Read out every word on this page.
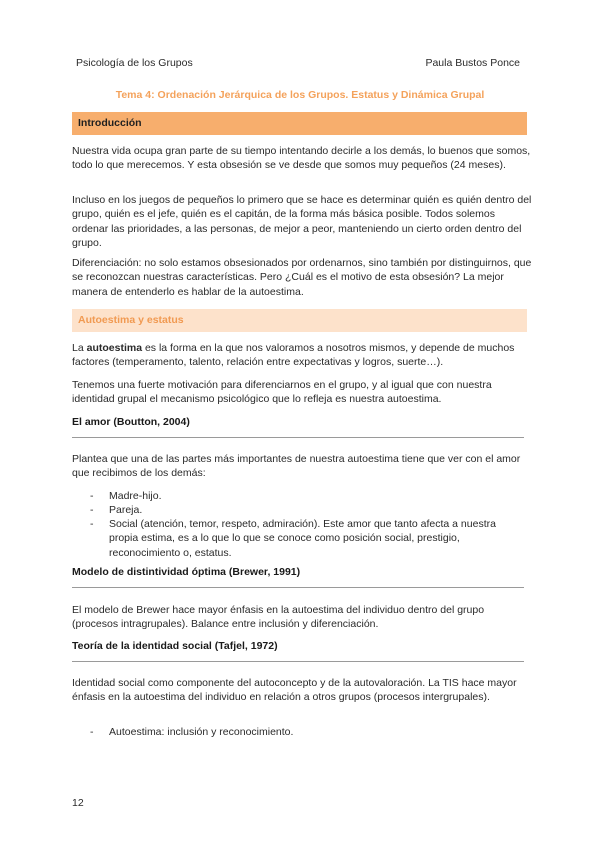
Psicología de los Grupos	Paula Bustos Ponce
Tema 4: Ordenación Jerárquica de los Grupos. Estatus y Dinámica Grupal
Introducción
Nuestra vida ocupa gran parte de su tiempo intentando decirle a los demás, lo buenos que somos, todo lo que merecemos. Y esta obsesión se ve desde que somos muy pequeños (24 meses).
Incluso en los juegos de pequeños lo primero que se hace es determinar quién es quién dentro del grupo, quién es el jefe, quién es el capitán, de la forma más básica posible. Todos solemos ordenar las prioridades, a las personas, de mejor a peor, manteniendo un cierto orden dentro del grupo.
Diferenciación: no solo estamos obsesionados por ordenarnos, sino también por distinguirnos, que se reconozcan nuestras características. Pero ¿Cuál es el motivo de esta obsesión? La mejor manera de entenderlo es hablar de la autoestima.
Autoestima y estatus
La autoestima es la forma en la que nos valoramos a nosotros mismos, y depende de muchos factores (temperamento, talento, relación entre expectativas y logros, suerte…).
Tenemos una fuerte motivación para diferenciarnos en el grupo, y al igual que con nuestra identidad grupal el mecanismo psicológico que lo refleja es nuestra autoestima.
El amor (Boutton, 2004)
Plantea que una de las partes más importantes de nuestra autoestima tiene que ver con el amor que recibimos de los demás:
- Madre-hijo.
- Pareja.
- Social (atención, temor, respeto, admiración). Este amor que tanto afecta a nuestra propia estima, es a lo que lo que se conoce como posición social, prestigio, reconocimiento o, estatus.
Modelo de distintividad óptima (Brewer, 1991)
El modelo de Brewer hace mayor énfasis en la autoestima del individuo dentro del grupo (procesos intragrupales). Balance entre inclusión y diferenciación.
Teoría de la identidad social (Tafjel, 1972)
Identidad social como componente del autoconcepto y de la autovaloración. La TIS hace mayor énfasis en la autoestima del individuo en relación a otros grupos (procesos intergrupales).
- Autoestima: inclusión y reconocimiento.
12
